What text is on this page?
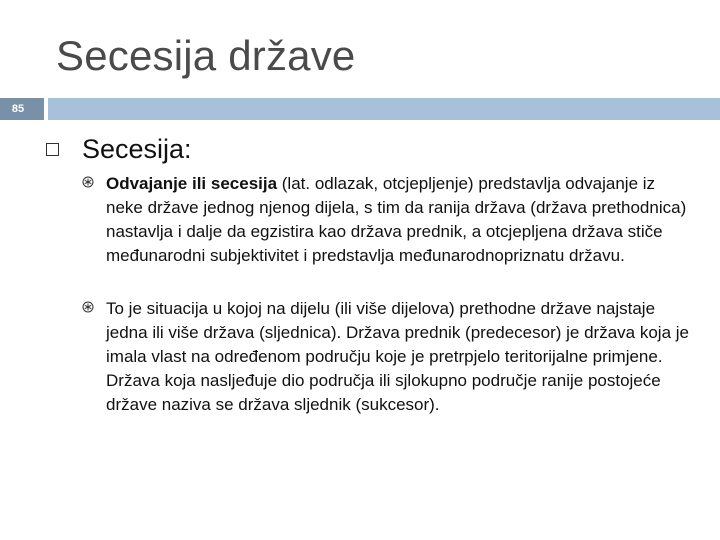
Secesija države
85
Secesija:
Odvajanje ili secesija (lat. odlazak, otcjepljenje) predstavlja odvajanje iz neke države jednog njenog dijela, s tim da ranija država (država prethodnica) nastavlja i dalje da egzistira kao država prednik, a otcjepljena država stiče međunarodni subjektivitet i predstavlja međunarodnopriznatu državu.
To je situacija u kojoj na dijelu (ili više dijelova) prethodne države najstaje jedna ili više država (sljednica). Država prednik (predecesor) je država koja je imala vlast na određenom području koje je pretrpjelo teritorijalne primjene. Država koja nasljeđuje dio područja ili sjlokupno područje ranije postojeće države naziva se država sljednik (sukcesor).
